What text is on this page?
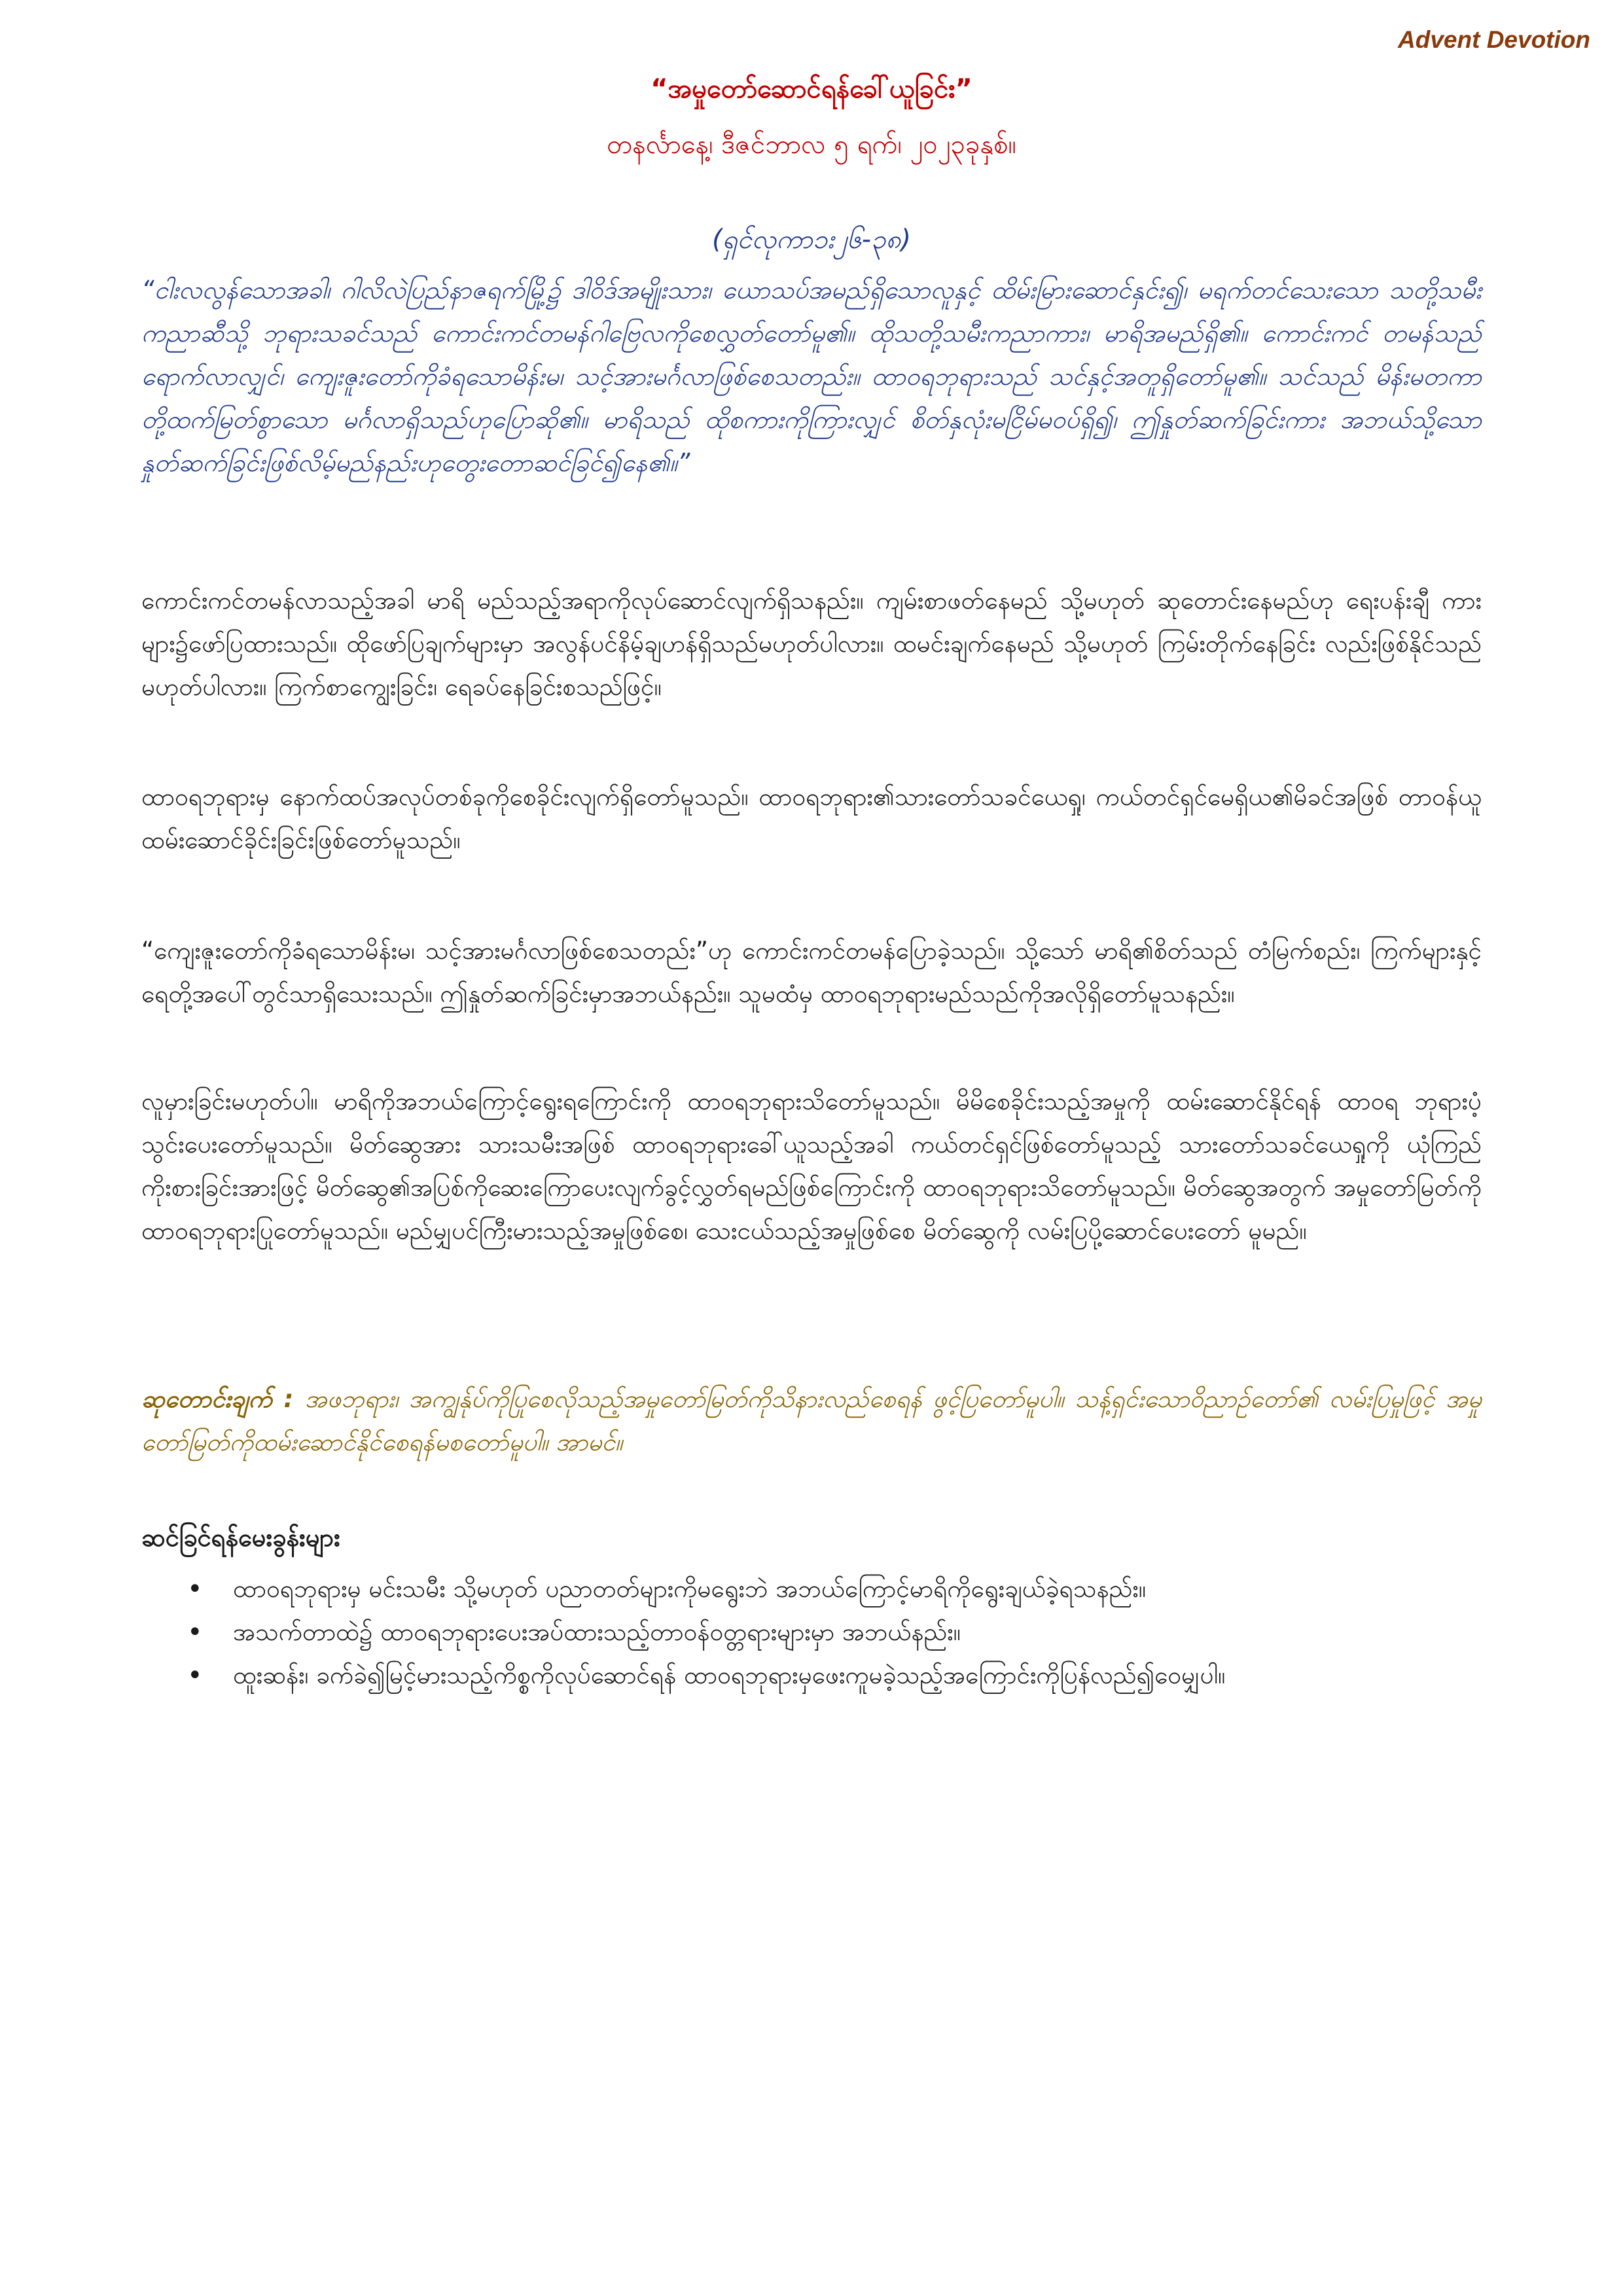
Advent Devotion
“အမှုတော်ဆောင်ရန်ခေါ်ယူခြင်း”
တနင်္လာနေ့၊ ဒီဇင်ဘာလ ၅ ရက်၊ ၂၀၂၃ခုနှစ်။
(ရှင်လုကာ၁း၂၆-၃၈)
“ငါးလလွန်သောအခါ၊ ဂါလိလဲပြည်နာဇရက်မြို့၌ ဒါဝိဒ်အမျိုးသား၊ ယောသပ်အမည်ရှိသောလူနှင့် ထိမ်းမြားဆောင်နှင်း၍၊ မရက်တင်သေးသော သတို့သမီးကညာဆီသို့ ဘုရားသခင်သည် ကောင်းကင်တမန်ဂါဗြေလကိုစေလွှတ်တော်မူ၏။ ထိုသတို့သမီးကညာကား၊ မာရိအမည်ရှိ၏။ ကောင်းကင် တမန်သည် ရောက်လာလျှင်၊ ကျေးဇူးတော်ကိုခံရသောမိန်းမ၊ သင့်အားမင်္ဂလာဖြစ်စေသတည်း။ ထာဝရဘုရားသည် သင်နှင့်အတူရှိတော်မူ၏။ သင်သည် မိန်းမတကာတို့ထက်မြတ်စွာသော မင်္ဂလာရှိသည်ဟုပြောဆို၏။ မာရိသည် ထိုစကားကိုကြားလျှင် စိတ်နှလုံးမငြိမ်မဝပ်ရှိ၍၊ ဤနှုတ်ဆက်ခြင်းကား အဘယ်သို့သော နှုတ်ဆက်ခြင်းဖြစ်လိမ့်မည်နည်းဟုတွေးတောဆင်ခြင်၍နေ၏။”
ကောင်းကင်တမန်လာသည့်အခါ မာရိ မည်သည့်အရာကိုလုပ်ဆောင်လျက်ရှိသနည်း။ ကျမ်းစာဖတ်နေမည် သို့မဟုတ် ဆုတောင်းနေမည်ဟု ရေးပန်းချီ ကားများ၌ဖော်ပြထားသည်။ ထိုဖော်ပြချက်များမှာ အလွန်ပင်နိမ့်ချဟန်ရှိသည်မဟုတ်ပါလား။ ထမင်းချက်နေမည် သို့မဟုတ် ကြမ်းတိုက်နေခြင်း လည်းဖြစ်နိုင်သည်မဟုတ်ပါလား။ ကြက်စာကျွေးခြင်း၊ ရေခပ်နေခြင်းစသည်ဖြင့်။
ထာဝရဘုရားမှ နောက်ထပ်အလုပ်တစ်ခုကိုစေခိုင်းလျက်ရှိတော်မူသည်။ ထာဝရဘုရား၏သားတော်သခင်ယေရှု၊ ကယ်တင်ရှင်မေရှိယ၏မိခင်အဖြစ် တာဝန်ယူ ထမ်းဆောင်ခိုင်းခြင်းဖြစ်တော်မူသည်။
“ကျေးဇူးတော်ကိုခံရသောမိန်းမ၊ သင့်အားမင်္ဂလာဖြစ်စေသတည်း”ဟု ကောင်းကင်တမန်ပြောခဲ့သည်။ သို့သော် မာရိ၏စိတ်သည် တံမြက်စည်း၊ ကြက်များနှင့်ရေတို့အပေါ်တွင်သာရှိသေးသည်။ ဤနှုတ်ဆက်ခြင်းမှာအဘယ်နည်း။ သူမထံမှ ထာဝရဘုရားမည်သည်ကိုအလိုရှိတော်မူသနည်း။
လူမှားခြင်းမဟုတ်ပါ။ မာရိကိုအဘယ်ကြောင့်ရွေးရကြောင်းကို ထာဝရဘုရားသိတော်မူသည်။ မိမိစေခိုင်းသည့်အမှုကို ထမ်းဆောင်နိုင်ရန် ထာဝရ ဘုရားပံ့သွင်းပေးတော်မူသည်။ မိတ်ဆွေအား သားသမီးအဖြစ် ထာဝရဘုရားခေါ်ယူသည့်အခါ ကယ်တင်ရှင်ဖြစ်တော်မူသည့် သားတော်သခင်ယေရှုကို ယုံကြည်ကိုးစားခြင်းအားဖြင့် မိတ်ဆွေ၏အပြစ်ကိုဆေးကြောပေးလျက်ခွင့်လွှတ်ရမည်ဖြစ်ကြောင်းကို ထာဝရဘုရားသိတော်မူသည်။ မိတ်ဆွေအတွက် အမှုတော်မြတ်ကို ထာဝရဘုရားပြုတော်မူသည်။ မည်မျှပင်ကြီးမားသည့်အမှုဖြစ်စေ၊ သေးငယ်သည့်အမှုဖြစ်စေ မိတ်ဆွေကို လမ်းပြပို့ဆောင်ပေးတော် မူမည်။
ဆုတောင်းချက် : အဖဘုရား၊ အကျွန်ုပ်ကိုပြုစေလိုသည့်အမှုတော်မြတ်ကိုသိနားလည်စေရန် ဖွင့်ပြတော်မူပါ။ သန့်ရှင်းသောဝိညာဉ်တော်၏ လမ်းပြမှုဖြင့် အမှုတော်မြတ်ကိုထမ်းဆောင်နိုင်စေရန်မစတော်မူပါ။ အာမင်။
ဆင်ခြင်ရန်မေးခွန်းများ
• ထာဝရဘုရားမှ မင်းသမီး သို့မဟုတ် ပညာတတ်များကိုမရွေးဘဲ အဘယ်ကြောင့်မာရိကိုရွေးချယ်ခဲ့ရသနည်း။
• အသက်တာထဲ၌ ထာဝရဘုရားပေးအပ်ထားသည့်တာဝန်ဝတ္တရားများမှာ အဘယ်နည်း။
• ထူးဆန်း၊ ခက်ခဲ၍မြင့်မားသည့်ကိစ္စကိုလုပ်ဆောင်ရန် ထာဝရဘုရားမှဖေးကူမခဲ့သည့်အကြောင်းကိုပြန်လည်၍ဝေမျှပါ။
